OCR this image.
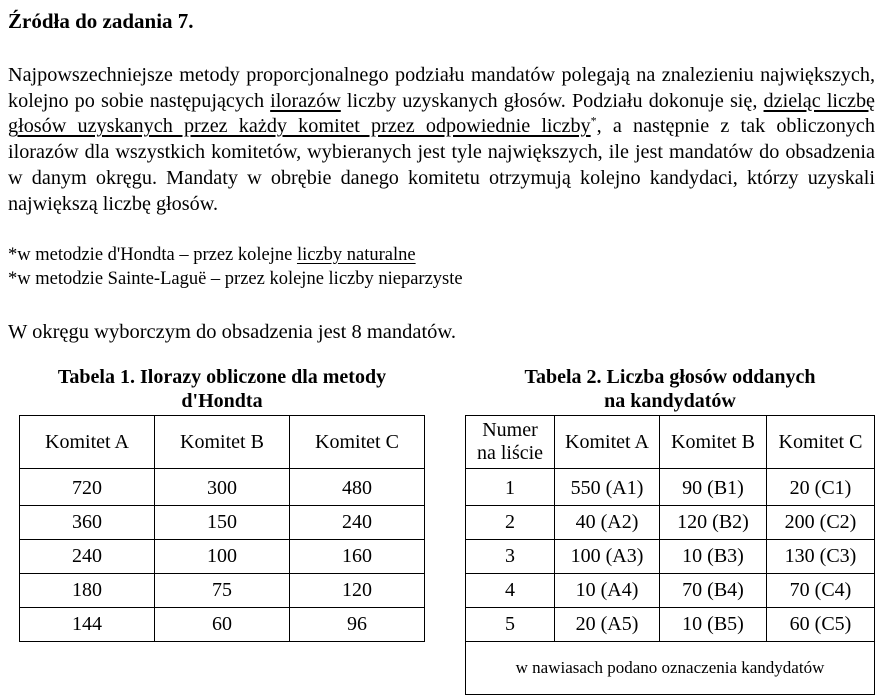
Źródła do zadania 7.

Najpowszechniejsze metody proporcjonalnego podziału mandatów polegają na znalezieniu największych, kolejno po sobie następujących ilorazów liczby uzyskanych głosów. Podziału dokonuje się, dzieląc liczbę głosów uzyskanych przez każdy komitet przez odpowiednie liczby*, a następnie z tak obliczonych ilorazów dla wszystkich komitetów, wybieranych jest tyle największych, ile jest mandatów do obsadzenia w danym okręgu. Mandaty w obrębie danego komitetu otrzymują kolejno kandydaci, którzy uzyskali największą liczbę głosów.

*w metodzie d'Hondta – przez kolejne liczby naturalne

*w metodzie Sainte-Laguë – przez kolejne liczby nieparzyste

W okręgu wyborczym do obsadzenia jest 8 mandatów.

Tabela 1. Ilorazy obliczone dla metody
d'Hondta
Komitet A	Komitet B	Komitet C
720	300	480
360	150	240
240	100	160
180	75	120
144	60	96
Tabela 2. Liczba głosów oddanych
na kandydatów
Numer
na liście	Komitet A	Komitet B	Komitet C
1	550 (A1)	90 (B1)	20 (C1)
2	40 (A2)	120 (B2)	200 (C2)
3	100 (A3)	10 (B3)	130 (C3)
4	10 (A4)	70 (B4)	70 (C4)
5	20 (A5)	10 (B5)	60 (C5)
w nawiasach podano oznaczenia kandydatów			
